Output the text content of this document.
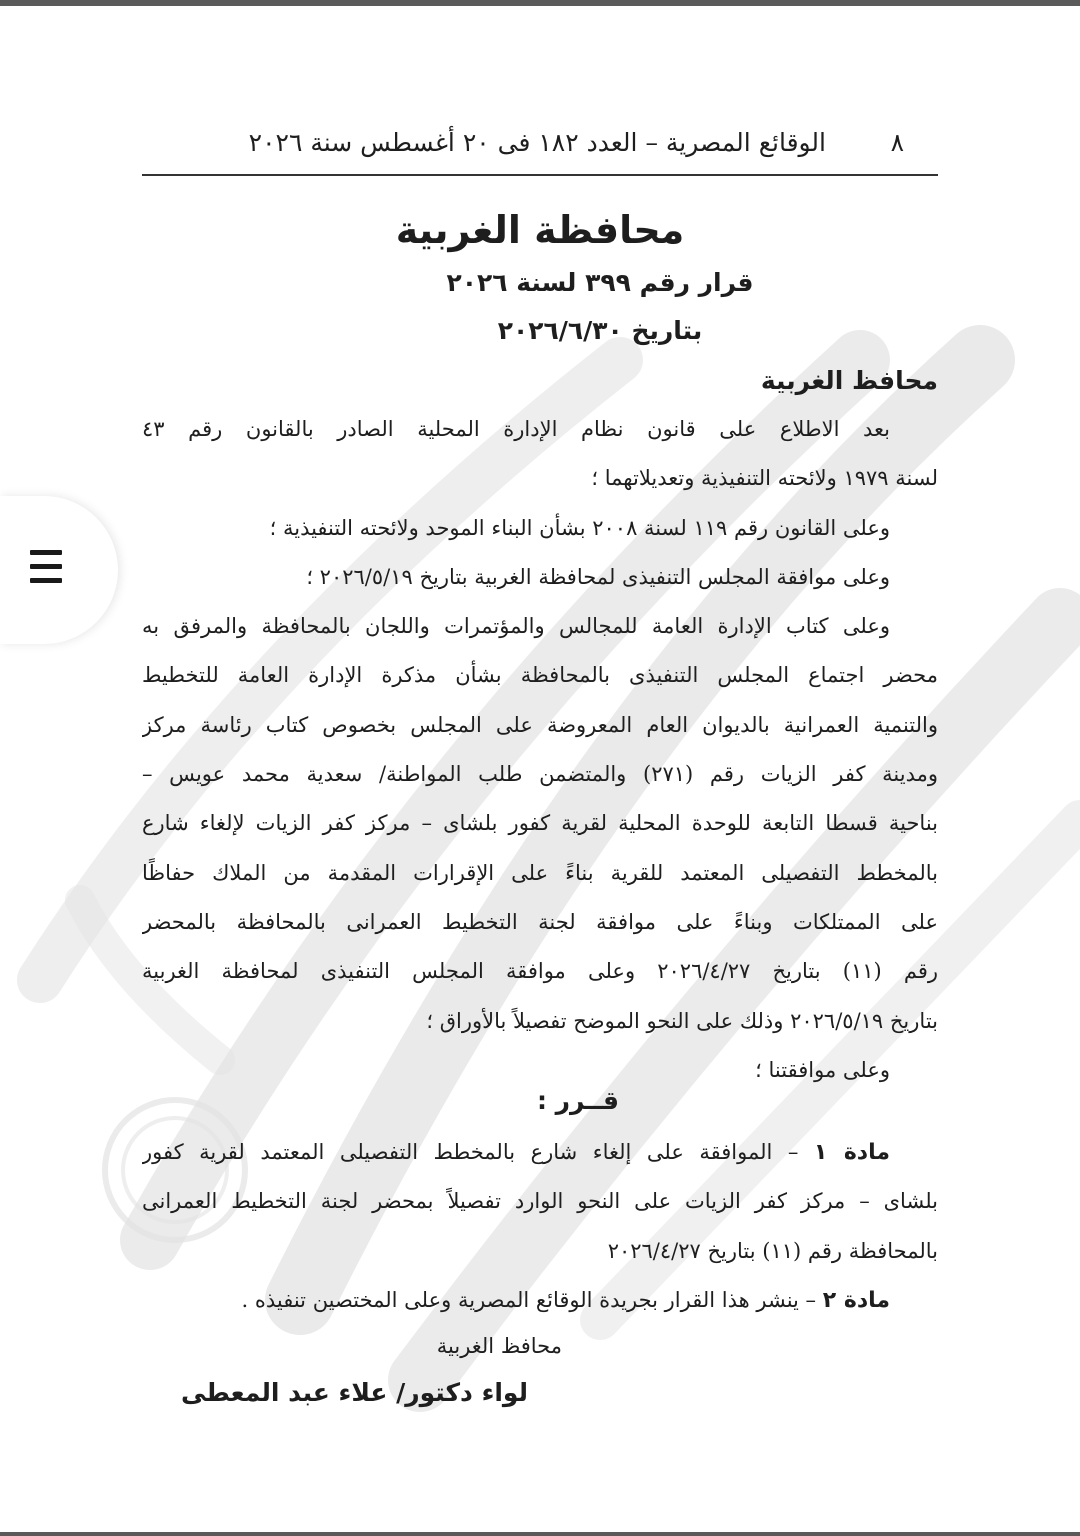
الوقائع المصرية – العدد ١٨٢ فى ٢٠ أغسطس سنة ٢٠٢٦	٨
محافظة الغربية
قرار رقم ٣٩٩ لسنة ٢٠٢٦
بتاريخ ٢٠٢٦/٦/٣٠
محافظ الغربية
بعد الاطلاع على قانون نظام الإدارة المحلية الصادر بالقانون رقم ٤٣
لسنة ١٩٧٩ ولائحته التنفيذية وتعديلاتهما ؛
وعلى القانون رقم ١١٩ لسنة ٢٠٠٨ بشأن البناء الموحد ولائحته التنفيذية ؛
وعلى موافقة المجلس التنفيذى لمحافظة الغربية بتاريخ ٢٠٢٦/٥/١٩ ؛
وعلى كتاب الإدارة العامة للمجالس والمؤتمرات واللجان بالمحافظة والمرفق به
محضر اجتماع المجلس التنفيذى بالمحافظة بشأن مذكرة الإدارة العامة للتخطيط
والتنمية العمرانية بالديوان العام المعروضة على المجلس بخصوص كتاب رئاسة مركز
ومدينة كفر الزيات رقم (٢٧١) والمتضمن طلب المواطنة/ سعدية محمد عويس –
بناحية قسطا التابعة للوحدة المحلية لقرية كفور بلشاى – مركز كفر الزيات لإلغاء شارع
بالمخطط التفصيلى المعتمد للقرية بناءً على الإقرارات المقدمة من الملاك حفاظًا
على الممتلكات وبناءً على موافقة لجنة التخطيط العمرانى بالمحافظة بالمحضر
رقم (١١) بتاريخ ٢٠٢٦/٤/٢٧ وعلى موافقة المجلس التنفيذى لمحافظة الغربية
بتاريخ ٢٠٢٦/٥/١٩ وذلك على النحو الموضح تفصيلاً بالأوراق ؛
وعلى موافقتنا ؛
قــرر :
مادة ١ – الموافقة على إلغاء شارع بالمخطط التفصيلى المعتمد لقرية كفور
بلشاى – مركز كفر الزيات على النحو الوارد تفصيلاً بمحضر لجنة التخطيط العمرانى
بالمحافظة رقم (١١) بتاريخ ٢٠٢٦/٤/٢٧
مادة ٢ – ينشر هذا القرار بجريدة الوقائع المصرية وعلى المختصين تنفيذه .
محافظ الغربية
لواء دكتور/ علاء عبد المعطى
